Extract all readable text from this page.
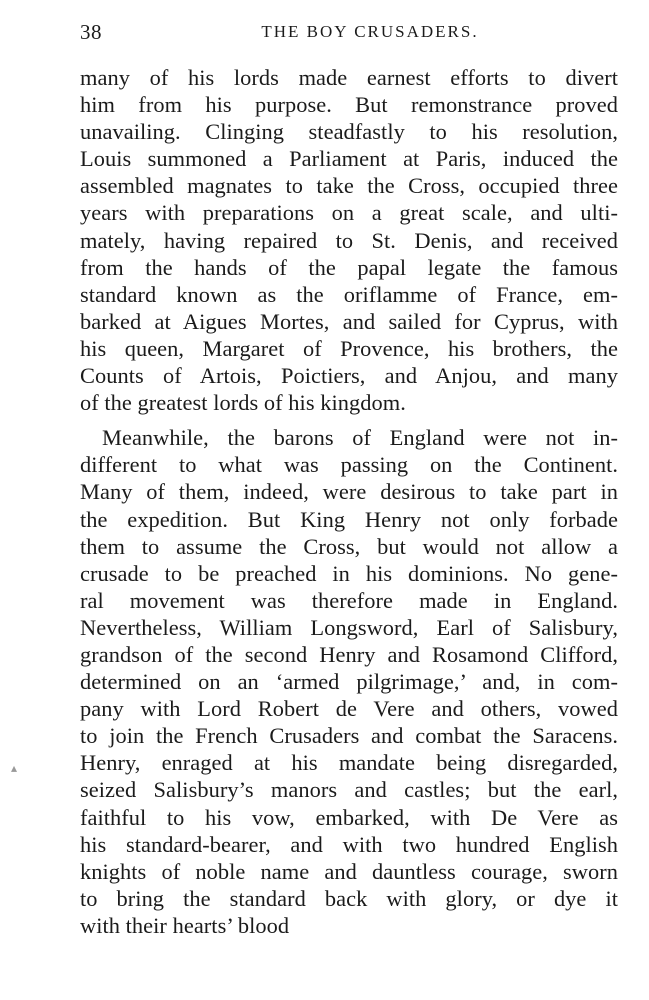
38	THE BOY CRUSADERS.
many of his lords made earnest efforts to divert
him from his purpose. But remonstrance proved
unavailing. Clinging steadfastly to his resolution,
Louis summoned a Parliament at Paris, induced the
assembled magnates to take the Cross, occupied three
years with preparations on a great scale, and ulti-
mately, having repaired to St. Denis, and received
from the hands of the papal legate the famous
standard known as the oriflamme of France, em-
barked at Aigues Mortes, and sailed for Cyprus, with
his queen, Margaret of Provence, his brothers, the
Counts of Artois, Poictiers, and Anjou, and many
of the greatest lords of his kingdom.
Meanwhile, the barons of England were not in-
different to what was passing on the Continent.
Many of them, indeed, were desirous to take part in
the expedition. But King Henry not only forbade
them to assume the Cross, but would not allow a
crusade to be preached in his dominions. No gene-
ral movement was therefore made in England.
Nevertheless, William Longsword, Earl of Salisbury,
grandson of the second Henry and Rosamond Clifford,
determined on an ‘armed pilgrimage,’ and, in com-
pany with Lord Robert de Vere and others, vowed
to join the French Crusaders and combat the Saracens.
Henry, enraged at his mandate being disregarded,
seized Salisbury’s manors and castles; but the earl,
faithful to his vow, embarked, with De Vere as
his standard-bearer, and with two hundred English
knights of noble name and dauntless courage, sworn
to bring the standard back with glory, or dye it
with their hearts’ blood
▴
